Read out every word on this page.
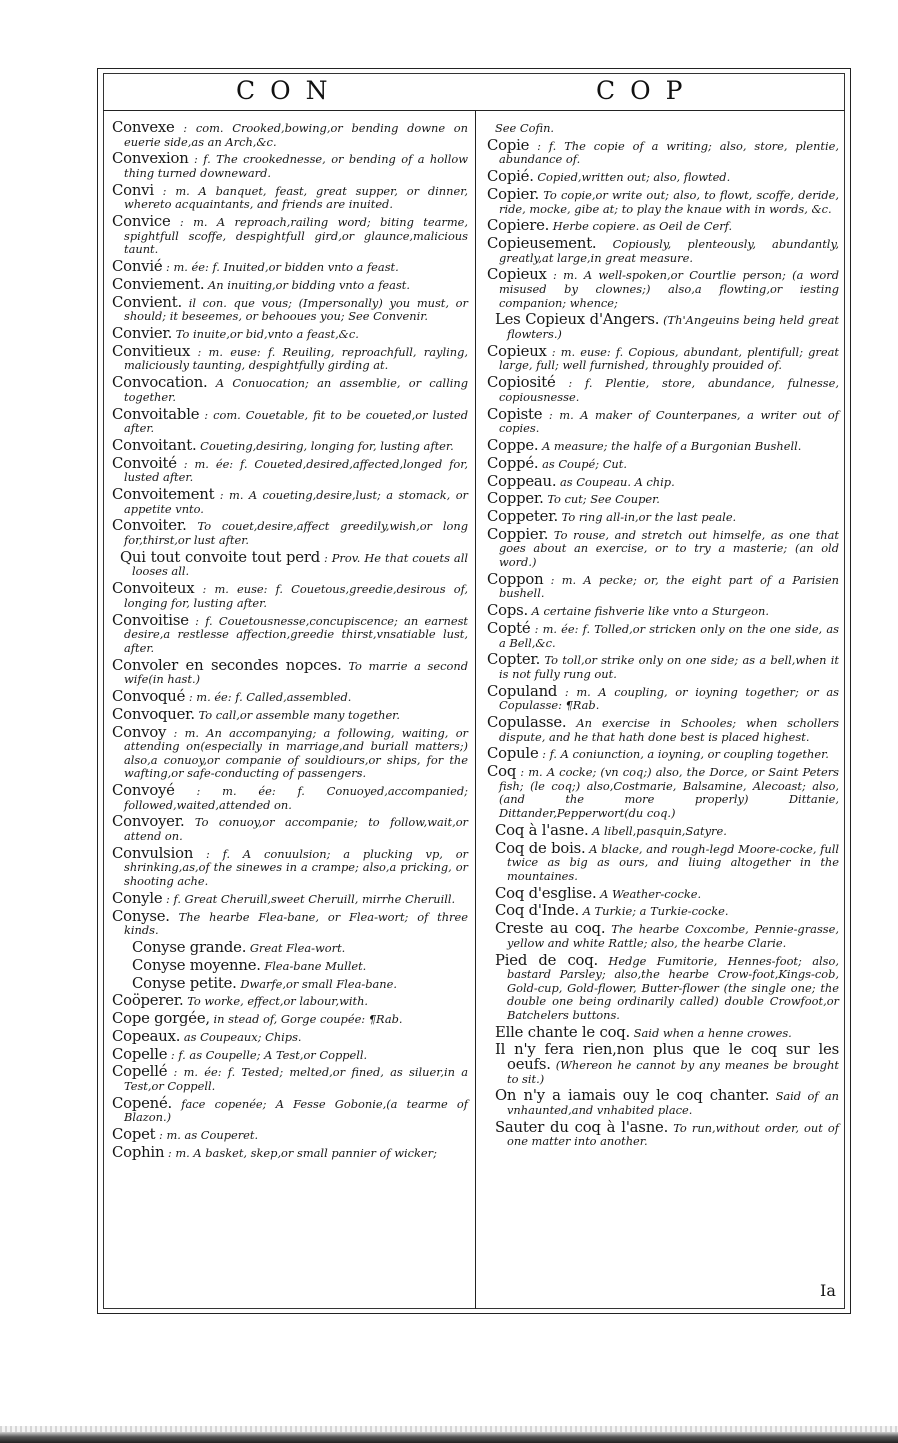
CON	COP
Convexe : com. Crooked,bowing,or bending downe on euerie side,as an Arch,&c.
Convexion : f. The crookednesse, or bending of a hollow thing turned downeward.
Convi : m. A banquet, feast, great supper, or dinner, whereto acquaintants, and friends are inuited.
Convice : m. A reproach,railing word; biting tearme, spightfull scoffe, despightfull gird,or glaunce,malicious taunt.
Convié : m. ée: f. Inuited,or bidden vnto a feast.
Conviement. An inuiting,or bidding vnto a feast.
Convient. il con. que vous; (Impersonally) you must, or should; it beseemes, or behooues you; See Convenir.
Convier. To inuite,or bid,vnto a feast,&c.
Convitieux : m. euse: f. Reuiling, reproachfull, rayling, maliciously taunting, despightfully girding at.
Convocation. A Conuocation; an assemblie, or calling together.
Convoitable : com. Couetable, fit to be coueted,or lusted after.
Convoitant. Coueting,desiring, longing for, lusting after.
Convoité : m. ée: f. Coueted,desired,affected,longed for, lusted after.
Convoitement : m. A coueting,desire,lust; a stomack, or appetite vnto.
Convoiter. To couet,desire,affect greedily,wish,or long for,thirst,or lust after.
Qui tout convoite tout perd : Prov. He that couets all looses all.
Convoiteux : m. euse: f. Couetous,greedie,desirous of, longing for, lusting after.
Convoitise : f. Couetousnesse,concupiscence; an earnest desire,a restlesse affection,greedie thirst,vnsatiable lust, after.
Convoler en secondes nopces. To marrie a second wife(in hast.)
Convoqué : m. ée: f. Called,assembled.
Convoquer. To call,or assemble many together.
Convoy : m. An accompanying; a following, waiting, or attending on(especially in marriage,and buriall matters;) also,a conuoy,or companie of souldiours,or ships, for the wafting,or safe-conducting of passengers.
Convoyé : m. ée: f. Conuoyed,accompanied; followed,waited,attended on.
Convoyer. To conuoy,or accompanie; to follow,wait,or attend on.
Convulsion : f. A conuulsion; a plucking vp, or shrinking,as,of the sinewes in a crampe; also,a pricking, or shooting ache.
Conyle : f. Great Cheruill,sweet Cheruill, mirrhe Cheruill.
Conyse. The hearbe Flea-bane, or Flea-wort; of three kinds.
Conyse grande. Great Flea-wort.
Conyse moyenne. Flea-bane Mullet.
Conyse petite. Dwarfe,or small Flea-bane.
Coöperer. To worke, effect,or labour,with.
Cope gorgée, in stead of, Gorge coupée: ¶Rab.
Copeaux. as Coupeaux; Chips.
Copelle : f. as Coupelle; A Test,or Coppell.
Copellé : m. ée: f. Tested; melted,or fined, as siluer,in a Test,or Coppell.
Copené. face copenée; A Fesse Gobonie,(a tearme of Blazon.)
Copet : m. as Couperet.
Cophin : m. A basket, skep,or small pannier of wicker;
See Cofin.
Copie : f. The copie of a writing; also, store, plentie, abundance of.
Copié. Copied,written out; also, flowted.
Copier. To copie,or write out; also, to flowt, scoffe, deride, ride, mocke, gibe at; to play the knaue with in words, &c.
Copiere. Herbe copiere. as Oeil de Cerf.
Copieusement. Copiously, plenteously, abundantly, greatly,at large,in great measure.
Copieux : m. A well-spoken,or Courtlie person; (a word misused by clownes;) also,a flowting,or iesting companion; whence;
Les Copieux d'Angers. (Th'Angeuins being held great flowters.)
Copieux : m. euse: f. Copious, abundant, plentifull; great large, full; well furnished, throughly prouided of.
Copiosité : f. Plentie, store, abundance, fulnesse, copiousnesse.
Copiste : m. A maker of Counterpanes, a writer out of copies.
Coppe. A measure; the halfe of a Burgonian Bushell.
Coppé. as Coupé; Cut.
Coppeau. as Coupeau. A chip.
Copper. To cut; See Couper.
Coppeter. To ring all-in,or the last peale.
Coppier. To rouse, and stretch out himselfe, as one that goes about an exercise, or to try a masterie; (an old word.)
Coppon : m. A pecke; or, the eight part of a Parisien bushell.
Cops. A certaine fishverie like vnto a Sturgeon.
Copté : m. ée: f. Tolled,or stricken only on the one side, as a Bell,&c.
Copter. To toll,or strike only on one side; as a bell,when it is not fully rung out.
Copuland : m. A coupling, or ioyning together; or as Copulasse: ¶Rab.
Copulasse. An exercise in Schooles; when schollers dispute, and he that hath done best is placed highest.
Copule : f. A coniunction, a ioyning, or coupling together.
Coq : m. A cocke; (vn coq;) also, the Dorce, or Saint Peters fish; (le coq;) also,Costmarie, Balsamine, Alecoast; also,(and the more properly) Dittanie, Dittander,Pepperwort(du coq.)
Coq à l'asne. A libell,pasquin,Satyre.
Coq de bois. A blacke, and rough-legd Moore-cocke, full twice as big as ours, and liuing altogether in the mountaines.
Coq d'esglise. A Weather-cocke.
Coq d'Inde. A Turkie; a Turkie-cocke.
Creste au coq. The hearbe Coxcombe, Pennie-grasse, yellow and white Rattle; also, the hearbe Clarie.
Pied de coq. Hedge Fumitorie, Hennes-foot; also, bastard Parsley; also,the hearbe Crow-foot,Kings-cob, Gold-cup, Gold-flower, Butter-flower (the single one; the double one being ordinarily called) double Crowfoot,or Batchelers buttons.
Elle chante le coq. Said when a henne crowes.
Il n'y fera rien,non plus que le coq sur les oeufs. (Whereon he cannot by any meanes be brought to sit.)
On n'y a iamais ouy le coq chanter. Said of an vnhaunted,and vnhabited place.
Sauter du coq à l'asne. To run,without order, out of one matter into another.
Ia
